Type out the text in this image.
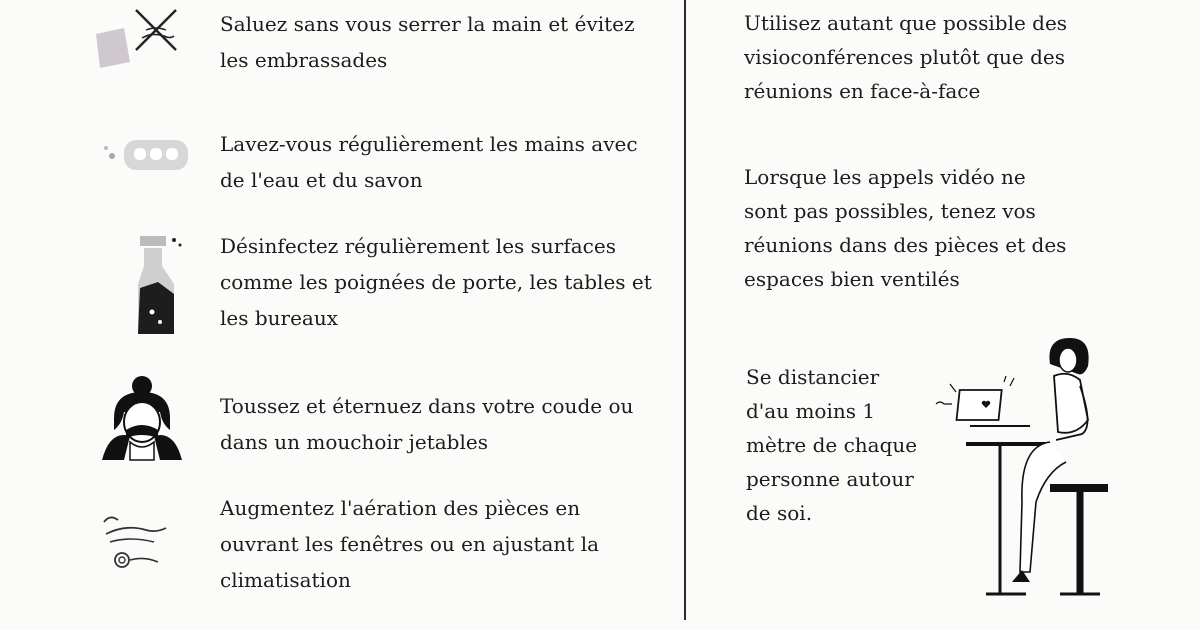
Saluez sans vous serrer la main et évitez les embrassades

Lavez-vous régulièrement les mains avec de l'eau et du savon

Désinfectez régulièrement les surfaces comme les poignées de porte, les tables et les bureaux

Toussez et éternuez dans votre coude ou dans un mouchoir jetables

Augmentez l'aération des pièces en ouvrant les fenêtres ou en ajustant la climatisation

Utilisez autant que possible des visioconférences plutôt que des réunions en face-à-face

Lorsque les appels vidéo ne sont pas possibles, tenez vos réunions dans des pièces et des espaces bien ventilés

Se distancier d'au moins 1 mètre de chaque personne autour de soi.
